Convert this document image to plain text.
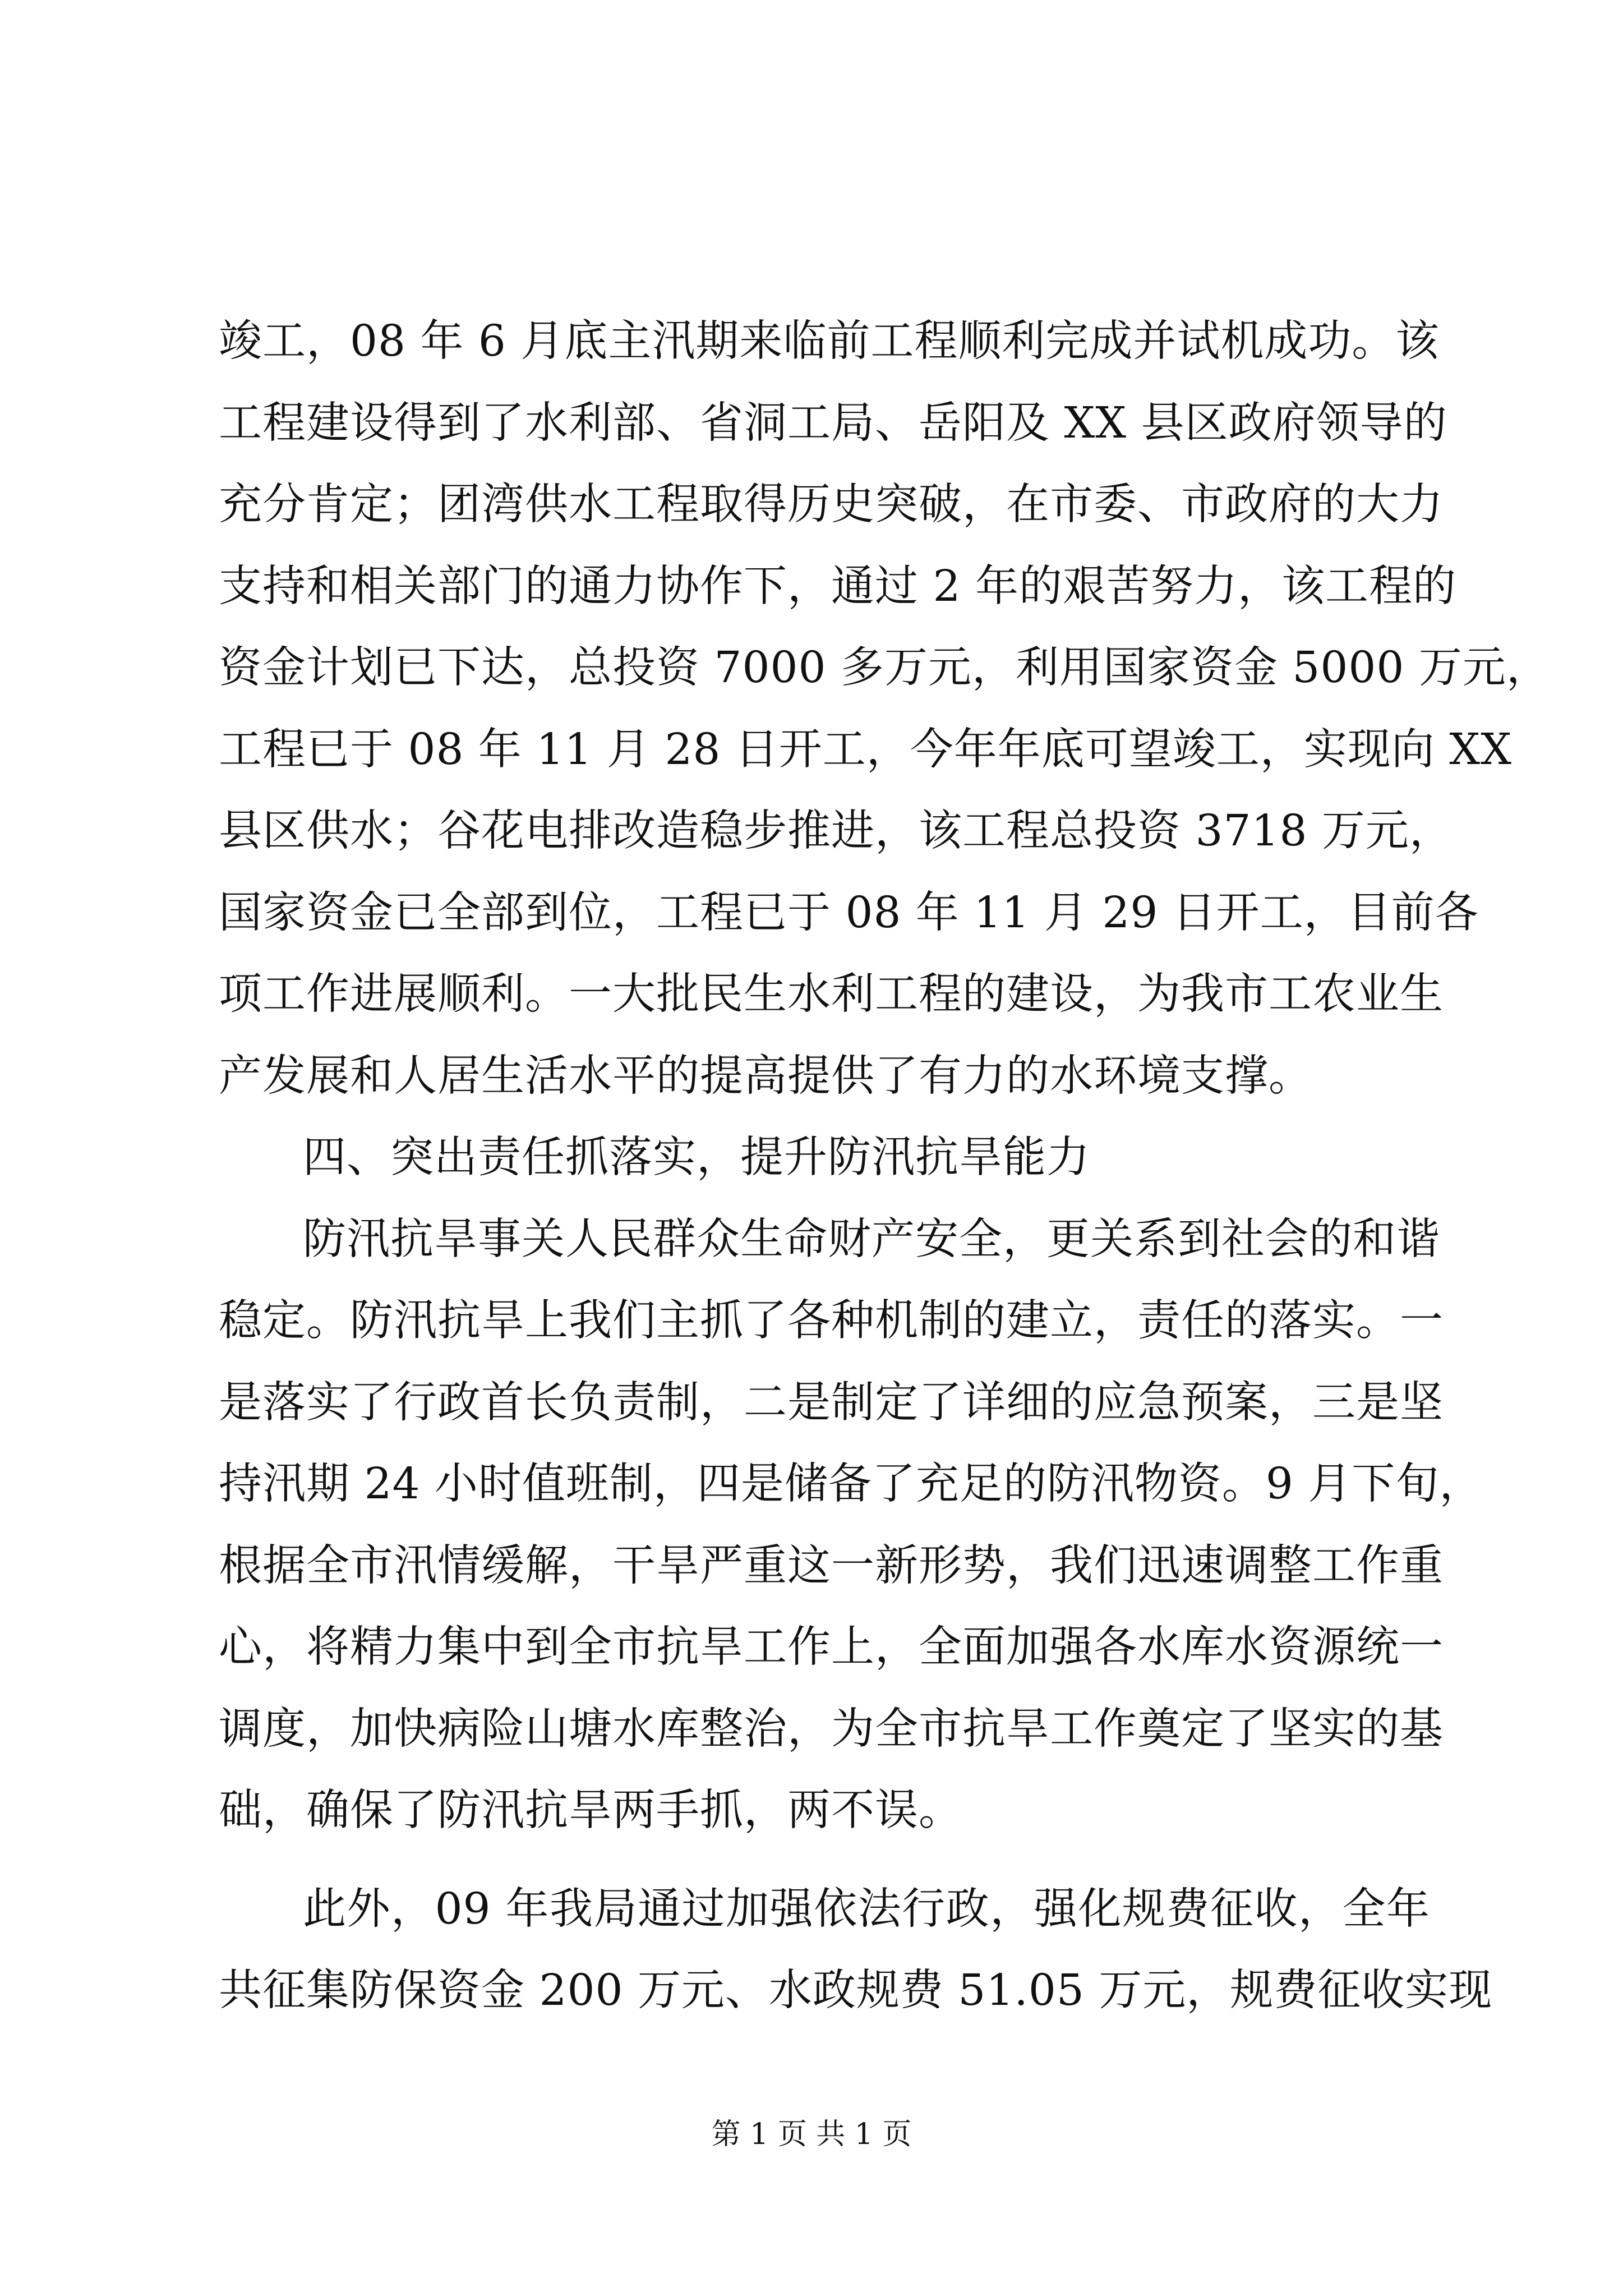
竣工，08 年 6 月底主汛期来临前工程顺利完成并试机成功。该
工程建设得到了水利部、省洞工局、岳阳及 XX 县区政府领导的
充分肯定；团湾供水工程取得历史突破，在市委、市政府的大力
支持和相关部门的通力协作下，通过 2 年的艰苦努力，该工程的
资金计划已下达，总投资 7000 多万元，利用国家资金 5000 万元，
工程已于 08 年 11 月 28 日开工，今年年底可望竣工，实现向 XX
县区供水；谷花电排改造稳步推进，该工程总投资 3718 万元，
国家资金已全部到位，工程已于 08 年 11 月 29 日开工，目前各
项工作进展顺利。一大批民生水利工程的建设，为我市工农业生
产发展和人居生活水平的提高提供了有力的水环境支撑。
四、突出责任抓落实，提升防汛抗旱能力
防汛抗旱事关人民群众生命财产安全，更关系到社会的和谐
稳定。防汛抗旱上我们主抓了各种机制的建立，责任的落实。一
是落实了行政首长负责制，二是制定了详细的应急预案，三是坚
持汛期 24 小时值班制，四是储备了充足的防汛物资。9 月下旬，
根据全市汛情缓解，干旱严重这一新形势，我们迅速调整工作重
心，将精力集中到全市抗旱工作上，全面加强各水库水资源统一
调度，加快病险山塘水库整治，为全市抗旱工作奠定了坚实的基
础，确保了防汛抗旱两手抓，两不误。
此外，09 年我局通过加强依法行政，强化规费征收，全年
共征集防保资金 200 万元、水政规费 51.05 万元，规费征收实现
第 1 页 共 1 页
